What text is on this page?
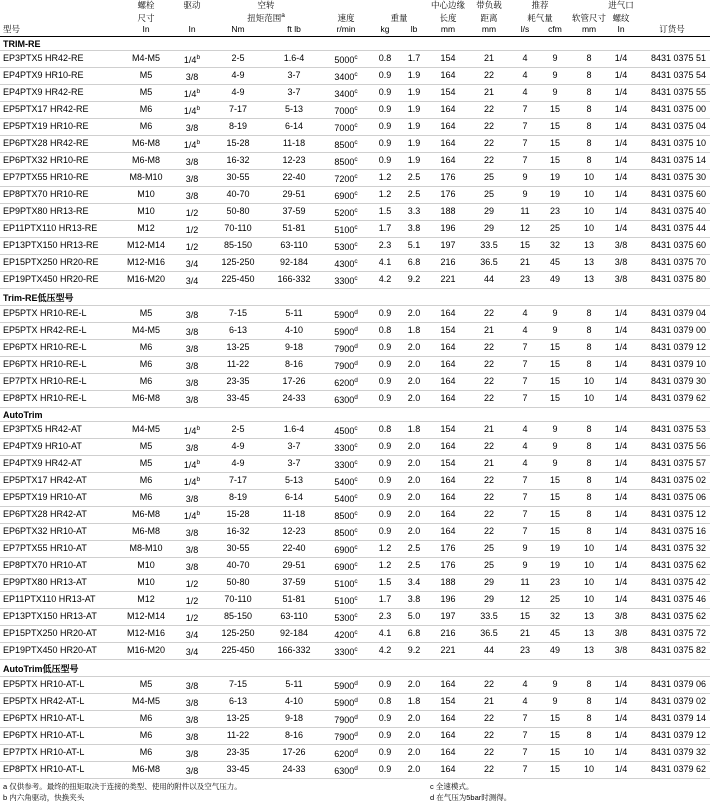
	螺栓	驱动	空转					中心边缘	带负载	推荐			进气口	
	尺寸		扭矩范围$^a$		速度	重量		长度	距离	耗气量		软管尺寸	螺纹	
型号	In	In	Nm	ft lb	r/min	kg	lb	mm	mm	l/s	cfm	mm	In	订货号
TRIM-RE														
EP3PTX5 HR42-RE	M4-M5	1/4$^b$	2-5	1.6-4	5000$^c$	0.8	1.7	154	21	4	9	8	1/4	8431 0375 51
EP4PTX9 HR10-RE	M5	3/8	4-9	3-7	3400$^c$	0.9	1.9	164	22	4	9	8	1/4	8431 0375 54
EP4PTX9 HR42-RE	M5	1/4$^b$	4-9	3-7	3400$^c$	0.9	1.9	154	21	4	9	8	1/4	8431 0375 55
EP5PTX17 HR42-RE	M6	1/4$^b$	7-17	5-13	7000$^c$	0.9	1.9	164	22	7	15	8	1/4	8431 0375 00
EP5PTX19 HR10-RE	M6	3/8	8-19	6-14	7000$^c$	0.9	1.9	164	22	7	15	8	1/4	8431 0375 04
EP6PTX28 HR42-RE	M6-M8	1/4$^b$	15-28	11-18	8500$^c$	0.9	1.9	164	22	7	15	8	1/4	8431 0375 10
EP6PTX32 HR10-RE	M6-M8	3/8	16-32	12-23	8500$^c$	0.9	1.9	164	22	7	15	8	1/4	8431 0375 14
EP7PTX55 HR10-RE	M8-M10	3/8	30-55	22-40	7200$^c$	1.2	2.5	176	25	9	19	10	1/4	8431 0375 30
EP8PTX70 HR10-RE	M10	3/8	40-70	29-51	6900$^c$	1.2	2.5	176	25	9	19	10	1/4	8431 0375 60
EP9PTX80 HR13-RE	M10	1/2	50-80	37-59	5200$^c$	1.5	3.3	188	29	11	23	10	1/4	8431 0375 40
EP11PTX110 HR13-RE	M12	1/2	70-110	51-81	5100$^c$	1.7	3.8	196	29	12	25	10	1/4	8431 0375 44
EP13PTX150 HR13-RE	M12-M14	1/2	85-150	63-110	5300$^c$	2.3	5.1	197	33.5	15	32	13	3/8	8431 0375 60
EP15PTX250 HR20-RE	M12-M16	3/4	125-250	92-184	4300$^c$	4.1	6.8	216	36.5	21	45	13	3/8	8431 0375 70
EP19PTX450 HR20-RE	M16-M20	3/4	225-450	166-332	3300$^c$	4.2	9.2	221	44	23	49	13	3/8	8431 0375 80
Trim-RE低压型号														
EP5PTX HR10-RE-L	M5	3/8	7-15	5-11	5900$^d$	0.9	2.0	164	22	4	9	8	1/4	8431 0379 04
EP5PTX HR42-RE-L	M4-M5	3/8	6-13	4-10	5900$^d$	0.8	1.8	154	21	4	9	8	1/4	8431 0379 00
EP6PTX HR10-RE-L	M6	3/8	13-25	9-18	7900$^d$	0.9	2.0	164	22	7	15	8	1/4	8431 0379 12
EP6PTX HR10-RE-L	M6	3/8	11-22	8-16	7900$^d$	0.9	2.0	164	22	7	15	8	1/4	8431 0379 10
EP7PTX HR10-RE-L	M6	3/8	23-35	17-26	6200$^d$	0.9	2.0	164	22	7	15	10	1/4	8431 0379 30
EP8PTX HR10-RE-L	M6-M8	3/8	33-45	24-33	6300$^d$	0.9	2.0	164	22	7	15	10	1/4	8431 0379 62
AutoTrim														
EP3PTX5 HR42-AT	M4-M5	1/4$^b$	2-5	1.6-4	4500$^c$	0.8	1.8	154	21	4	9	8	1/4	8431 0375 53
EP4PTX9 HR10-AT	M5	3/8	4-9	3-7	3300$^c$	0.9	2.0	164	22	4	9	8	1/4	8431 0375 56
EP4PTX9 HR42-AT	M5	1/4$^b$	4-9	3-7	3300$^c$	0.9	2.0	154	21	4	9	8	1/4	8431 0375 57
EP5PTX17 HR42-AT	M6	1/4$^b$	7-17	5-13	5400$^c$	0.9	2.0	164	22	7	15	8	1/4	8431 0375 02
EP5PTX19 HR10-AT	M6	3/8	8-19	6-14	5400$^c$	0.9	2.0	164	22	7	15	8	1/4	8431 0375 06
EP6PTX28 HR42-AT	M6-M8	1/4$^b$	15-28	11-18	8500$^c$	0.9	2.0	164	22	7	15	8	1/4	8431 0375 12
EP6PTX32 HR10-AT	M6-M8	3/8	16-32	12-23	8500$^c$	0.9	2.0	164	22	7	15	8	1/4	8431 0375 16
EP7PTX55 HR10-AT	M8-M10	3/8	30-55	22-40	6900$^c$	1.2	2.5	176	25	9	19	10	1/4	8431 0375 32
EP8PTX70 HR10-AT	M10	3/8	40-70	29-51	6900$^c$	1.2	2.5	176	25	9	19	10	1/4	8431 0375 62
EP9PTX80 HR13-AT	M10	1/2	50-80	37-59	5100$^c$	1.5	3.4	188	29	11	23	10	1/4	8431 0375 42
EP11PTX110 HR13-AT	M12	1/2	70-110	51-81	5100$^c$	1.7	3.8	196	29	12	25	10	1/4	8431 0375 46
EP13PTX150 HR13-AT	M12-M14	1/2	85-150	63-110	5300$^c$	2.3	5.0	197	33.5	15	32	13	3/8	8431 0375 62
EP15PTX250 HR20-AT	M12-M16	3/4	125-250	92-184	4200$^c$	4.1	6.8	216	36.5	21	45	13	3/8	8431 0375 72
EP19PTX450 HR20-AT	M16-M20	3/4	225-450	166-332	3300$^c$	4.2	9.2	221	44	23	49	13	3/8	8431 0375 82
AutoTrim低压型号														
EP5PTX HR10-AT-L	M5	3/8	7-15	5-11	5900$^d$	0.9	2.0	164	22	4	9	8	1/4	8431 0379 06
EP5PTX HR42-AT-L	M4-M5	3/8	6-13	4-10	5900$^d$	0.8	1.8	154	21	4	9	8	1/4	8431 0379 02
EP6PTX HR10-AT-L	M6	3/8	13-25	9-18	7900$^d$	0.9	2.0	164	22	7	15	8	1/4	8431 0379 14
EP6PTX HR10-AT-L	M6	3/8	11-22	8-16	7900$^d$	0.9	2.0	164	22	7	15	8	1/4	8431 0379 12
EP7PTX HR10-AT-L	M6	3/8	23-35	17-26	6200$^d$	0.9	2.0	164	22	7	15	10	1/4	8431 0379 32
EP8PTX HR10-AT-L	M6-M8	3/8	33-45	24-33	6300$^d$	0.9	2.0	164	22	7	15	10	1/4	8431 0379 62
a 仅供参考。最终的扭矩取决于连接的类型、使用的附件以及空气压力。
b 内六角驱动，快换夹头
c 全速模式。
d 在气压为5bar时测得。
